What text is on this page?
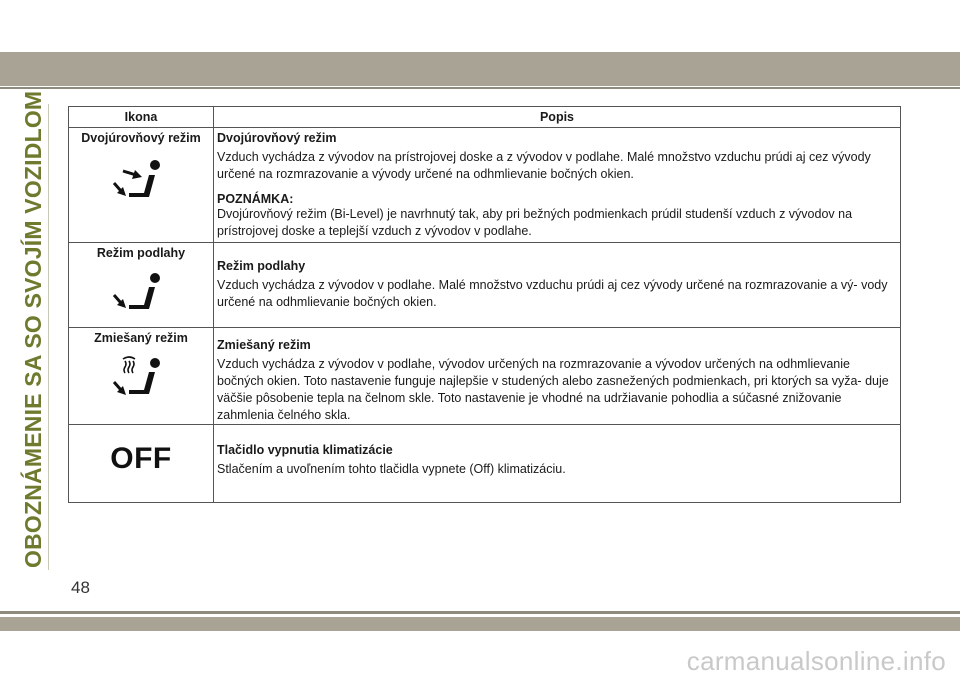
OBOZNÁMENIE SA SO SVOJÍM VOZIDLOM	Ikona	Popis

Dvojúrovňový režim	Dvojúrovňový režim
Vzduch vychádza z vývodov na prístrojovej doske a z vývodov v podlahe. Malé množstvo vzduchu prúdi aj cez vývody určené na rozmrazovanie a vývody určené na odhmlievanie bočných okien.
POZNÁMKA:
Dvojúrovňový režim (Bi-Level) je navrhnutý tak, aby pri bežných podmienkach prúdil studenší vzduch z vývodov na prístrojovej doske a teplejší vzduch z vývodov v podlahe.

Režim podlahy	Režim podlahy
Vzduch vychádza z vývodov v podlahe. Malé množstvo vzduchu prúdi aj cez vývody určené na rozmrazovanie a vý- vody určené na odhmlievanie bočných okien.

Zmiešaný režim	Zmiešaný režim
Vzduch vychádza z vývodov v podlahe, vývodov určených na rozmrazovanie a vývodov určených na odhmlievanie bočných okien. Toto nastavenie funguje najlepšie v studených alebo zasnežených podmienkach, pri ktorých sa vyža- duje väčšie pôsobenie tepla na čelnom skle. Toto nastavenie je vhodné na udržiavanie pohodlia a súčasné znižovanie zahmlenia čelného skla.

OFF	Tlačidlo vypnutia klimatizácie
Stlačením a uvoľnením tohto tlačidla vypnete (Off) klimatizáciu.
48
carmanualsonline.info
